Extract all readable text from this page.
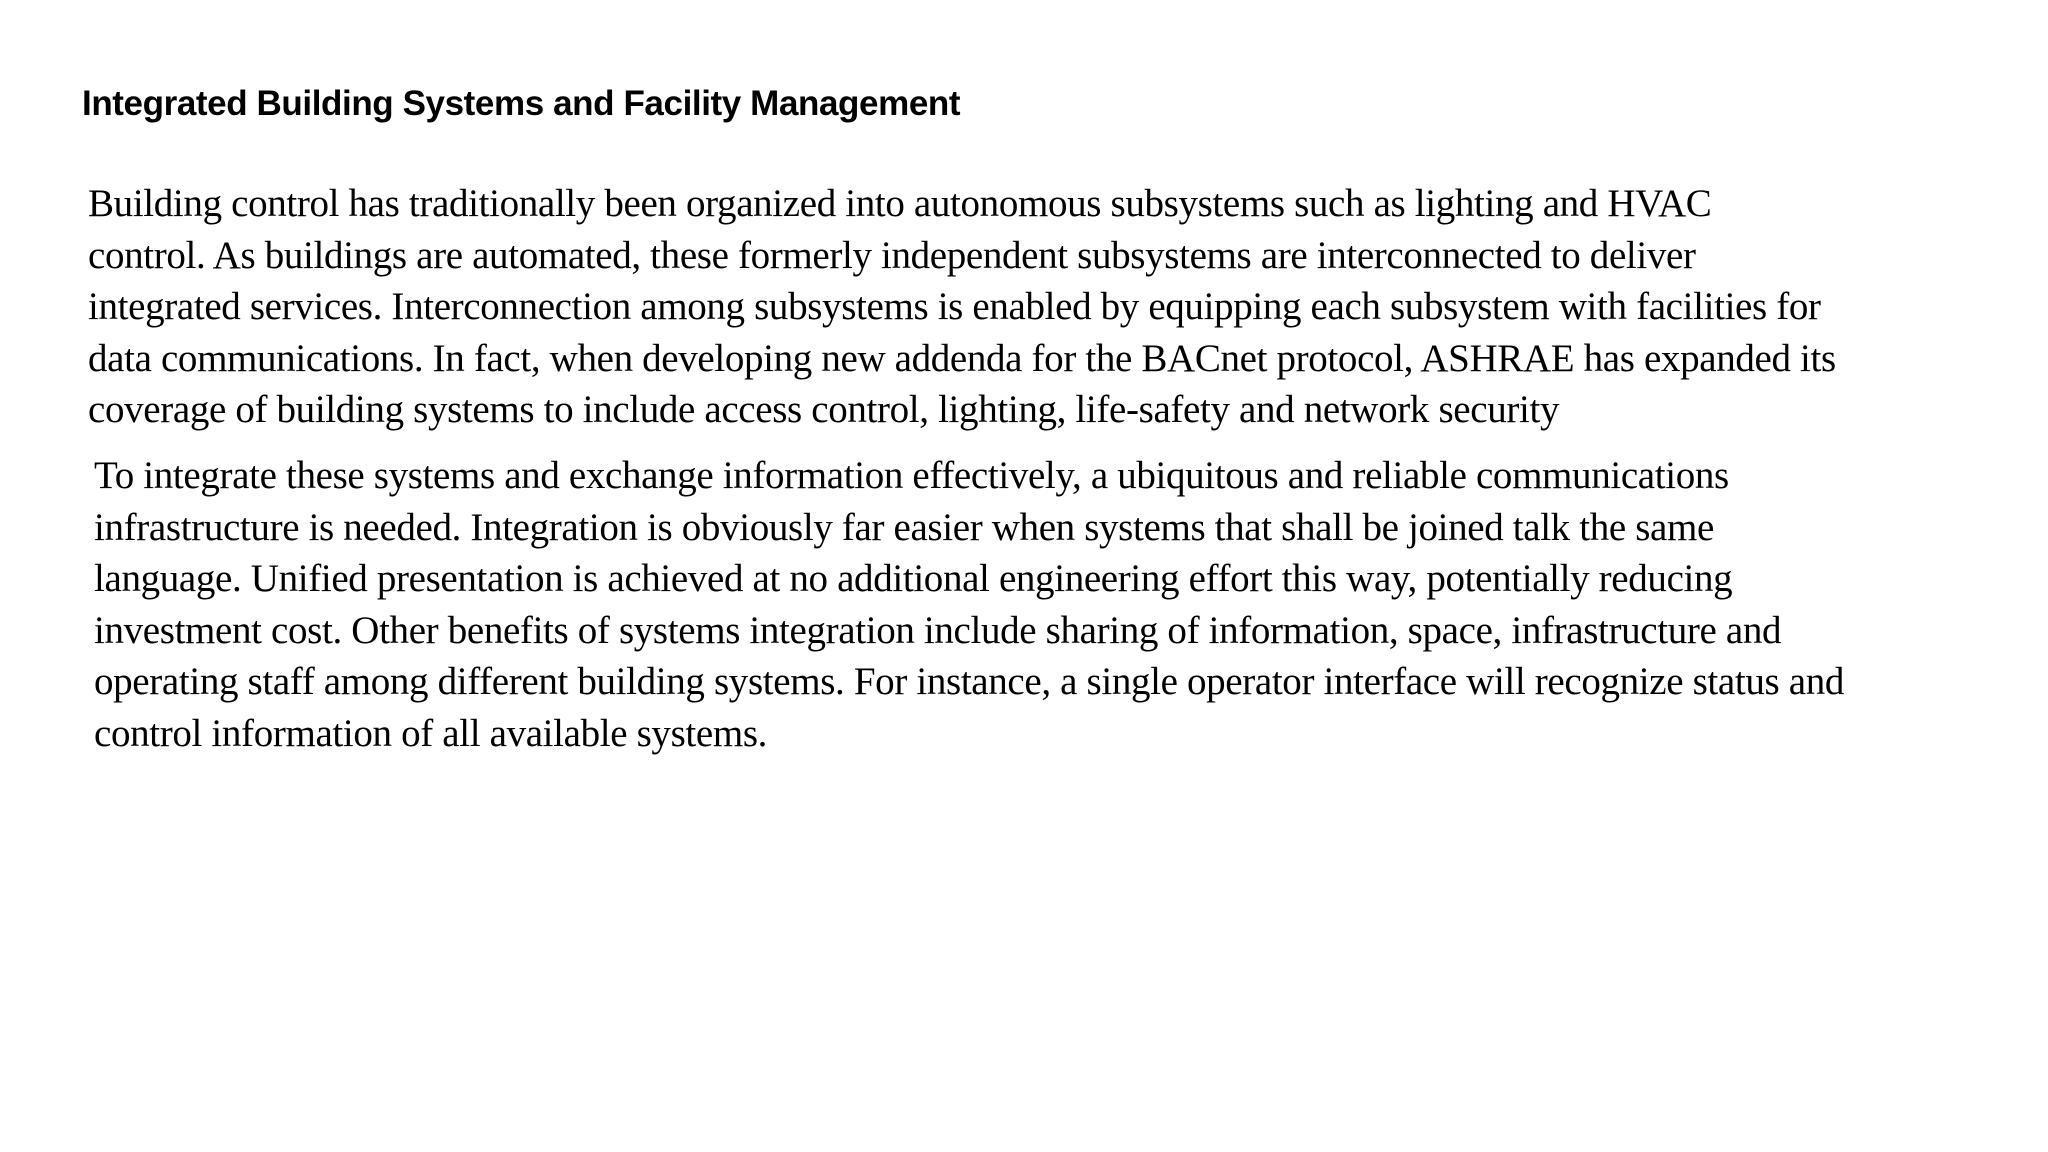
Integrated Building Systems and Facility Management

Building control has traditionally been organized into autonomous subsystems such as lighting and HVAC
control. As buildings are automated, these formerly independent subsystems are interconnected to deliver
integrated services. Interconnection among subsystems is enabled by equipping each subsystem with facilities for
data communications. In fact, when developing new addenda for the BACnet protocol, ASHRAE has expanded its
coverage of building systems to include access control, lighting, life-safety and network security

To integrate these systems and exchange information effectively, a ubiquitous and reliable communications
infrastructure is needed. Integration is obviously far easier when systems that shall be joined talk the same
language. Unified presentation is achieved at no additional engineering effort this way, potentially reducing
investment cost. Other benefits of systems integration include sharing of information, space, infrastructure and
operating staff among different building systems. For instance, a single operator interface will recognize status and
control information of all available systems.
